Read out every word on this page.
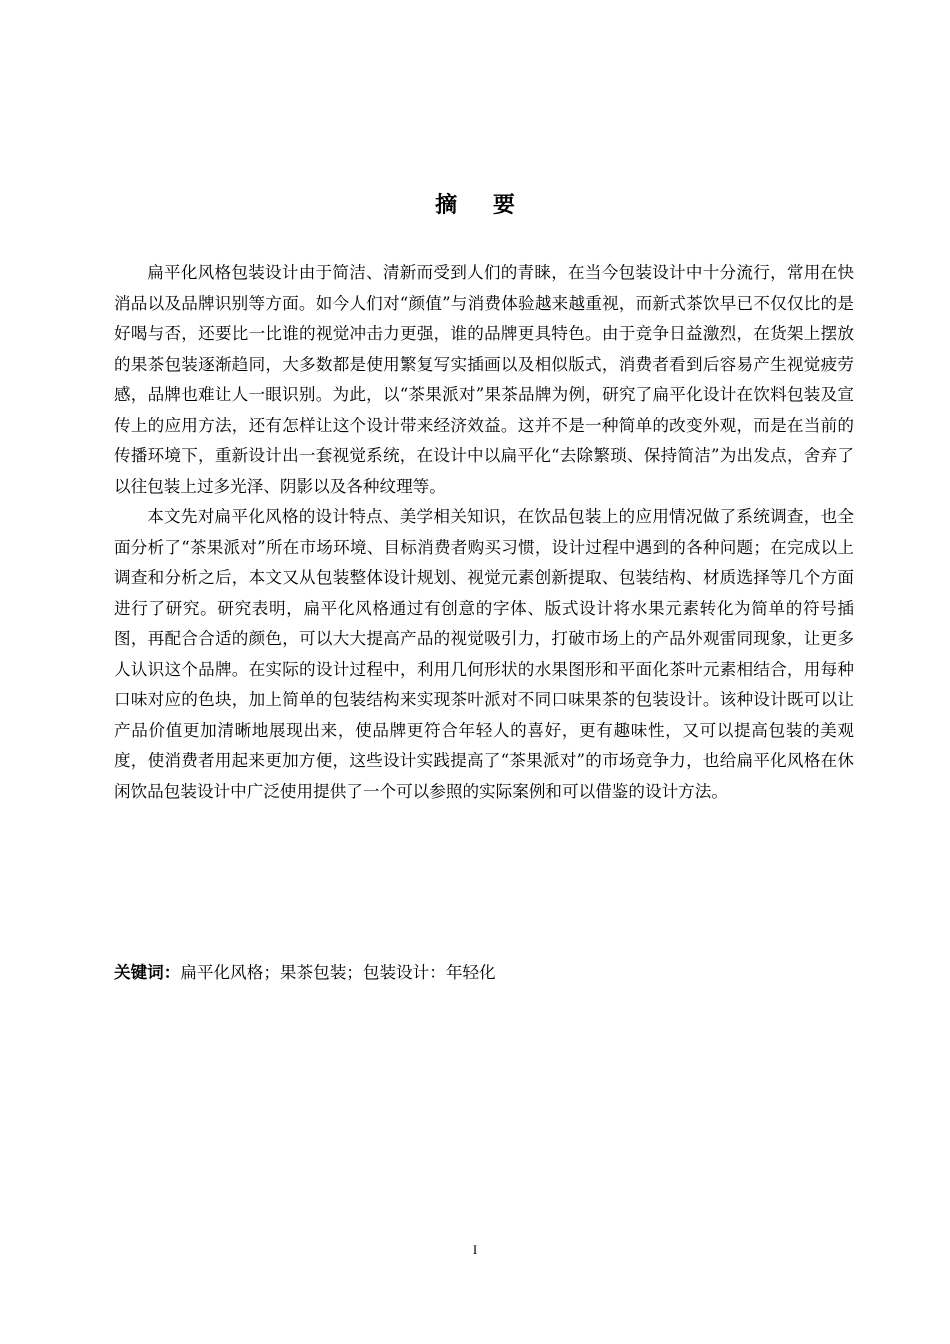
摘 要

扁平化风格包装设计由于简洁、清新而受到人们的青睐，在当今包装设计中十分流行，常用在快消品以及品牌识别等方面。如今人们对“颜值”与消费体验越来越重视，而新式茶饮早已不仅仅比的是好喝与否，还要比一比谁的视觉冲击力更强，谁的品牌更具特色。由于竞争日益激烈，在货架上摆放的果茶包装逐渐趋同，大多数都是使用繁复写实插画以及相似版式，消费者看到后容易产生视觉疲劳感，品牌也难让人一眼识别。为此，以“茶果派对”果茶品牌为例，研究了扁平化设计在饮料包装及宣传上的应用方法，还有怎样让这个设计带来经济效益。这并不是一种简单的改变外观，而是在当前的传播环境下，重新设计出一套视觉系统，在设计中以扁平化“去除繁琐、保持简洁”为出发点，舍弃了以往包装上过多光泽、阴影以及各种纹理等。

本文先对扁平化风格的设计特点、美学相关知识，在饮品包装上的应用情况做了系统调查，也全面分析了“茶果派对”所在市场环境、目标消费者购买习惯，设计过程中遇到的各种问题；在完成以上调查和分析之后，本文又从包装整体设计规划、视觉元素创新提取、包装结构、材质选择等几个方面进行了研究。研究表明，扁平化风格通过有创意的字体、版式设计将水果元素转化为简单的符号插图，再配合合适的颜色，可以大大提高产品的视觉吸引力，打破市场上的产品外观雷同现象，让更多人认识这个品牌。在实际的设计过程中，利用几何形状的水果图形和平面化茶叶元素相结合，用每种口味对应的色块，加上简单的包装结构来实现茶叶派对不同口味果茶的包装设计。该种设计既可以让产品价值更加清晰地展现出来，使品牌更符合年轻人的喜好，更有趣味性，又可以提高包装的美观度，使消费者用起来更加方便，这些设计实践提高了“茶果派对”的市场竞争力，也给扁平化风格在休闲饮品包装设计中广泛使用提供了一个可以参照的实际案例和可以借鉴的设计方法。

关键词：扁平化风格；果茶包装；包装设计：年轻化
I
